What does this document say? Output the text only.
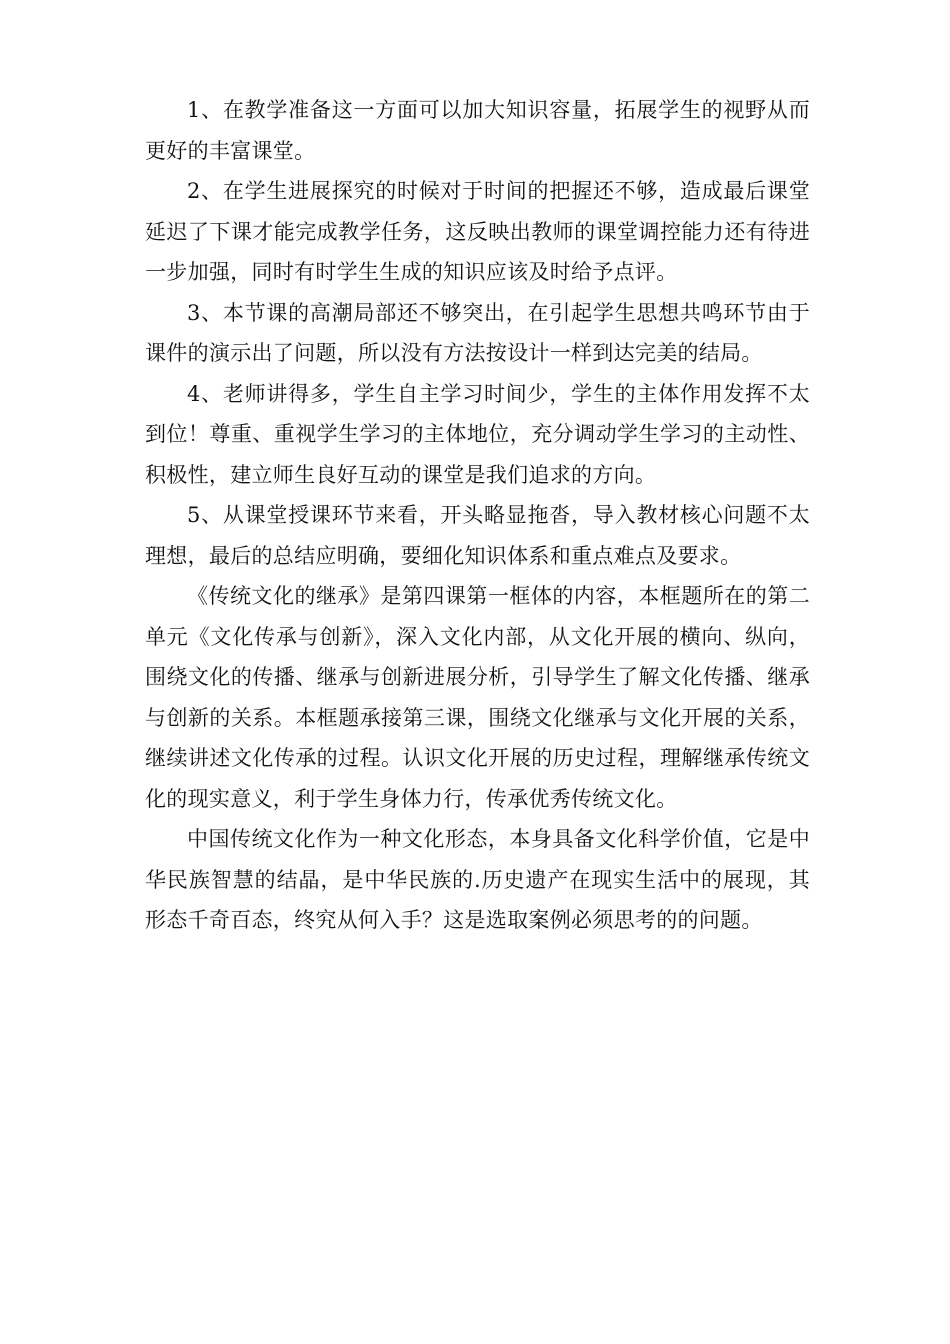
1、在教学准备这一方面可以加大知识容量，拓展学生的视野从而更好的丰富课堂。

2、在学生进展探究的时候对于时间的把握还不够，造成最后课堂延迟了下课才能完成教学任务，这反映出教师的课堂调控能力还有待进一步加强，同时有时学生生成的知识应该及时给予点评。

3、本节课的高潮局部还不够突出，在引起学生思想共鸣环节由于课件的演示出了问题，所以没有方法按设计一样到达完美的结局。

4、老师讲得多，学生自主学习时间少，学生的主体作用发挥不太到位！尊重、重视学生学习的主体地位，充分调动学生学习的主动性、积极性，建立师生良好互动的课堂是我们追求的方向。

5、从课堂授课环节来看，开头略显拖沓，导入教材核心问题不太理想，最后的总结应明确，要细化知识体系和重点难点及要求。

《传统文化的继承》是第四课第一框体的内容，本框题所在的第二单元《文化传承与创新》，深入文化内部，从文化开展的横向、纵向，围绕文化的传播、继承与创新进展分析，引导学生了解文化传播、继承与创新的关系。本框题承接第三课，围绕文化继承与文化开展的关系，继续讲述文化传承的过程。认识文化开展的历史过程，理解继承传统文化的现实意义，利于学生身体力行，传承优秀传统文化。

中国传统文化作为一种文化形态，本身具备文化科学价值，它是中华民族智慧的结晶，是中华民族的.历史遗产在现实生活中的展现，其形态千奇百态，终究从何入手？这是选取案例必须思考的的问题。
